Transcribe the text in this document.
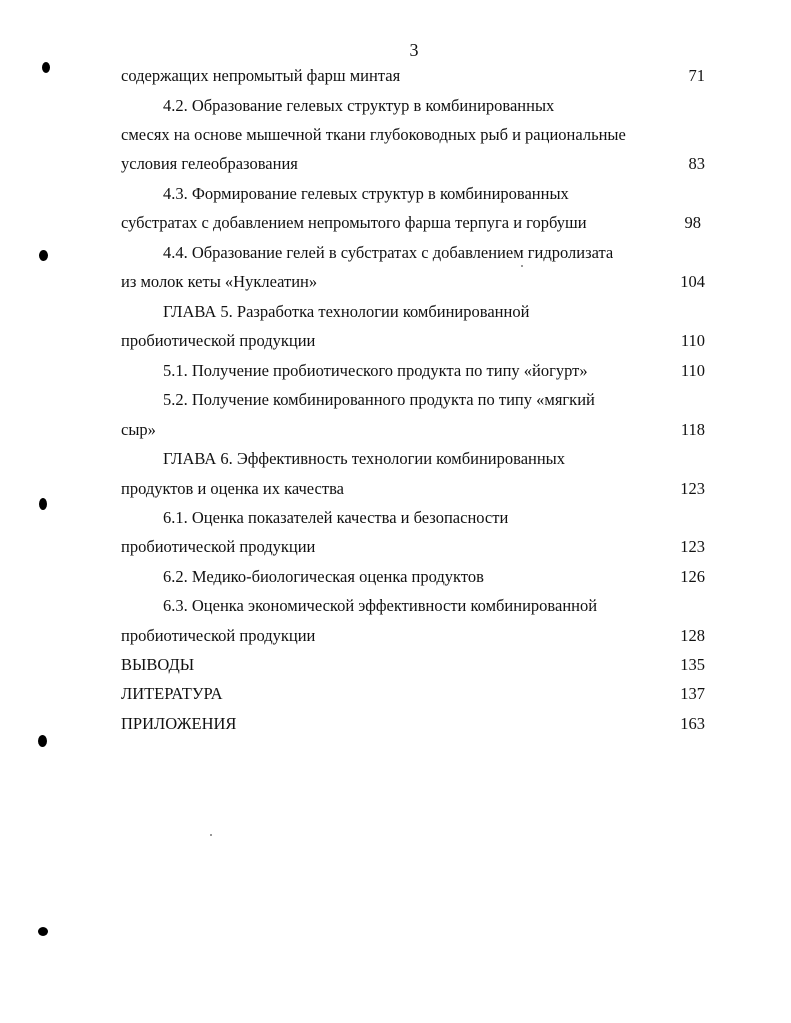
3
содержащих непромытый фарш минтая	71
4.2. Образование гелевых структур в комбинированных
смесях на основе мышечной ткани глубоководных рыб и рациональные
условия гелеобразования	83
4.3. Формирование гелевых структур в комбинированных
субстратах с добавлением непромытого фарша терпуга и горбуши	98
4.4. Образование гелей в субстратах с добавлением гидролизата
из молок кеты «Нуклеатин»	104
ГЛАВА 5. Разработка технологии комбинированной
пробиотической продукции	110
5.1. Получение пробиотического продукта по типу «йогурт»	110
5.2. Получение комбинированного продукта по типу «мягкий
сыр»	118
ГЛАВА 6. Эффективность технологии комбинированных
продуктов и оценка их качества	123
6.1. Оценка показателей качества и безопасности
пробиотической продукции	123
6.2. Медико-биологическая оценка продуктов	126
6.3. Оценка экономической эффективности комбинированной
пробиотической продукции	128
ВЫВОДЫ	135
ЛИТЕРАТУРА	137
ПРИЛОЖЕНИЯ	163
